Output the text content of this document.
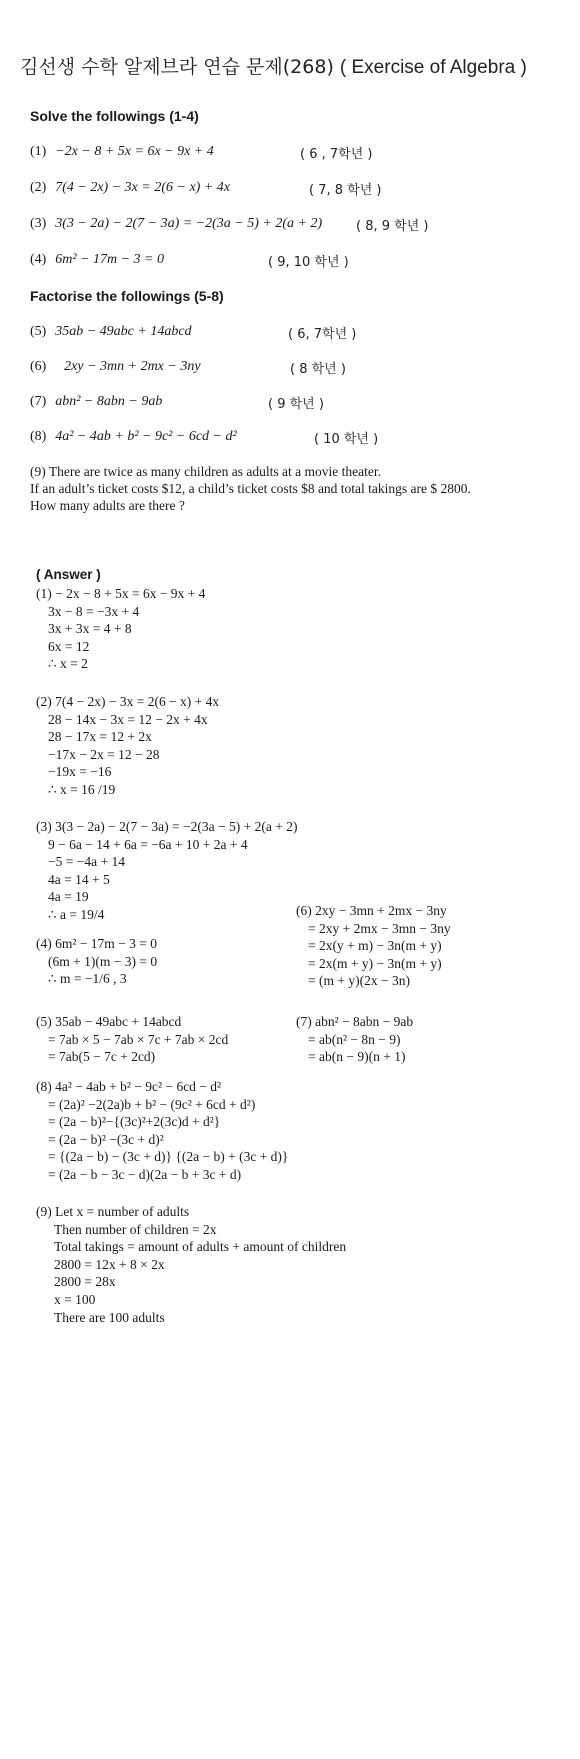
김선생 수학 알제브라 연습 문제(268) ( Exercise of Algebra )
Solve the followings (1-4)
(1) −2x − 8 + 5x = 6x − 9x + 4	( 6 , 7학년 )
(2) 7(4 − 2x) − 3x = 2(6 − x) + 4x	( 7, 8 학년 )
(3) 3(3 − 2a) − 2(7 − 3a) = −2(3a − 5) + 2(a + 2)	( 8, 9 학년 )
(4) 6m² − 17m − 3 = 0	( 9, 10 학년 )
Factorise the followings (5-8)
(5) 35ab − 49abc + 14abcd	( 6, 7학년 )
(6) 2xy − 3mn + 2mx − 3ny	( 8 학년 )
(7) abn² − 8abn − 9ab	( 9 학년 )
(8) 4a² − 4ab + b² − 9c² − 6cd − d²	( 10 학년 )
(9) There are twice as many children as adults at a movie theater.
If an adult’s ticket costs $12, a child’s ticket costs $8 and total takings are $ 2800.
How many adults are there ?
( Answer )
(1) − 2x − 8 + 5x = 6x − 9x + 4
3x − 8 = −3x + 4
3x + 3x = 4 + 8
6x = 12
∴ x = 2
(2) 7(4 − 2x) − 3x = 2(6 − x) + 4x
28 − 14x − 3x = 12 − 2x + 4x
28 − 17x = 12 + 2x
−17x − 2x = 12 − 28
−19x = −16
∴ x = 16 /19
(3) 3(3 − 2a) − 2(7 − 3a) = −2(3a − 5) + 2(a + 2)
9 − 6a − 14 + 6a = −6a + 10 + 2a + 4
−5 = −4a + 14
4a = 14 + 5
4a = 19
∴ a = 19/4
(4) 6m² − 17m − 3 = 0
(6m + 1)(m − 3) = 0
∴ m = −1/6 , 3
(6) 2xy − 3mn + 2mx − 3ny
= 2xy + 2mx − 3mn − 3ny
= 2x(y + m) − 3n(m + y)
= 2x(m + y) − 3n(m + y)
= (m + y)(2x − 3n)
(5) 35ab − 49abc + 14abcd
= 7ab × 5 − 7ab × 7c + 7ab × 2cd
= 7ab(5 − 7c + 2cd)
(7) abn² − 8abn − 9ab
= ab(n² − 8n − 9)
= ab(n − 9)(n + 1)
(8) 4a² − 4ab + b² − 9c² − 6cd − d²
= (2a)² −2(2a)b + b² − (9c² + 6cd + d²)
= (2a − b)²−{(3c)²+2(3c)d + d²}
= (2a − b)² −(3c + d)²
= {(2a − b) − (3c + d)} {(2a − b) + (3c + d)}
= (2a − b − 3c − d)(2a − b + 3c + d)
(9) Let x = number of adults
Then number of children = 2x
Total takings = amount of adults + amount of children
2800 = 12x + 8 × 2x
2800 = 28x
x = 100
There are 100 adults
